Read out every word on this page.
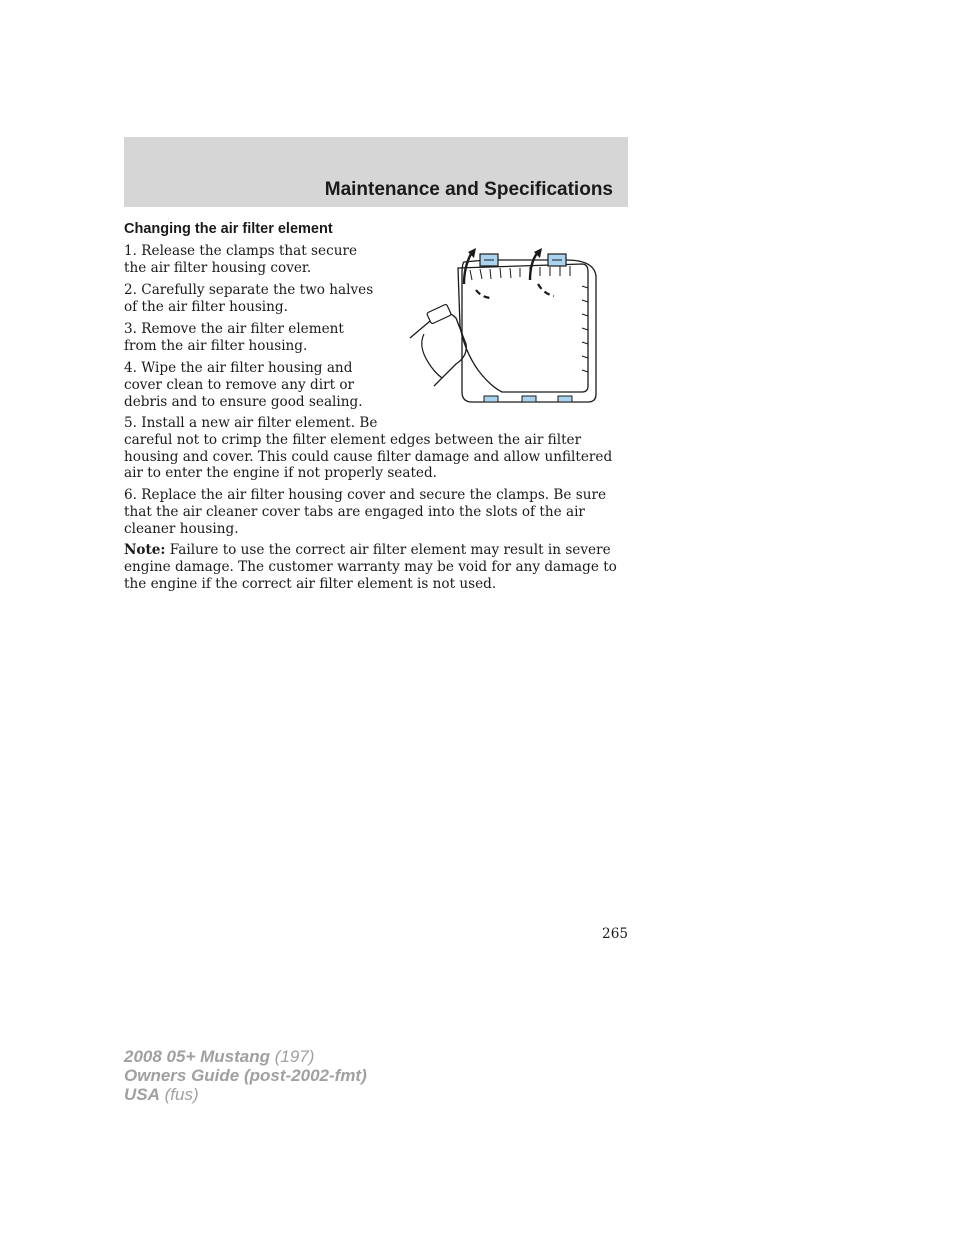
Maintenance and Specifications
Changing the air filter element
1. Release the clamps that secure
the air filter housing cover.
2. Carefully separate the two halves
of the air filter housing.
3. Remove the air filter element
from the air filter housing.
4. Wipe the air filter housing and
cover clean to remove any dirt or
debris and to ensure good sealing.
5. Install a new air filter element. Be
careful not to crimp the filter element edges between the air filter
housing and cover. This could cause filter damage and allow unfiltered
air to enter the engine if not properly seated.
6. Replace the air filter housing cover and secure the clamps. Be sure
that the air cleaner cover tabs are engaged into the slots of the air
cleaner housing.
Note: Failure to use the correct air filter element may result in severe
engine damage. The customer warranty may be void for any damage to
the engine if the correct air filter element is not used.
265
2008 05+ Mustang (197)
Owners Guide (post-2002-fmt)
USA (fus)
